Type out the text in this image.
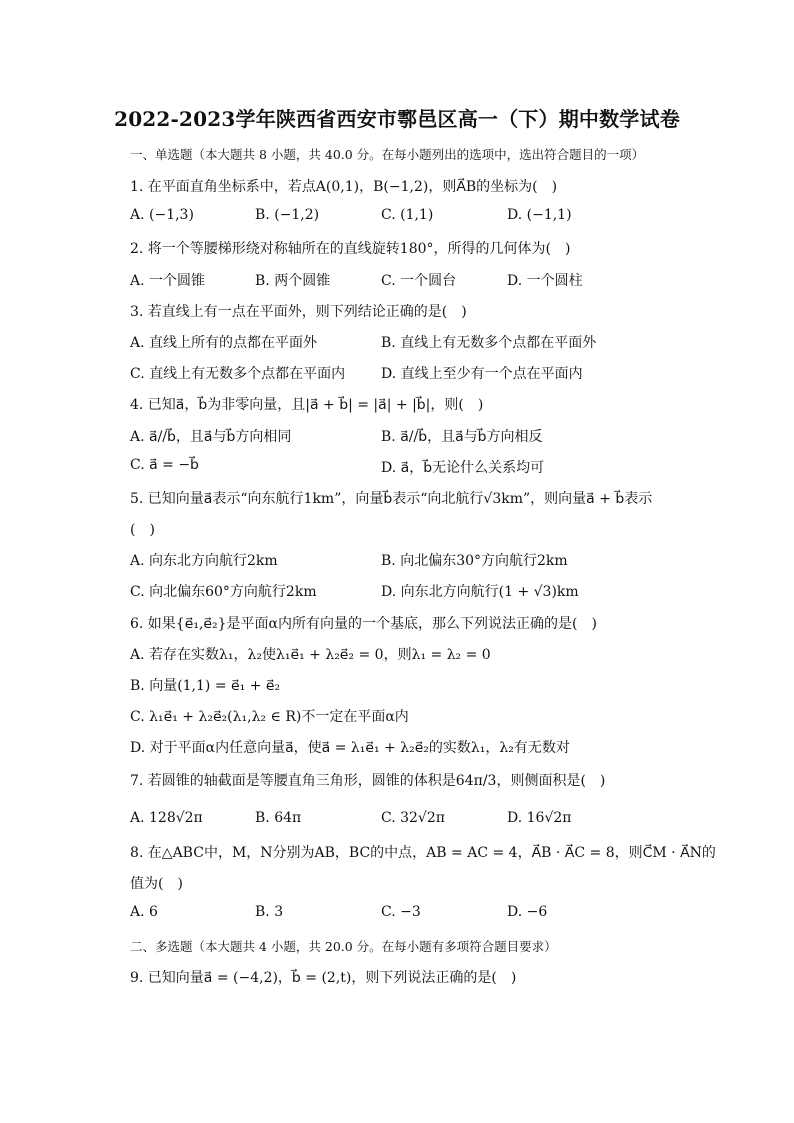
2022-2023学年陕西省西安市鄠邑区高一（下）期中数学试卷
一、单选题（本大题共 8 小题，共 40.0 分。在每小题列出的选项中，选出符合题目的一项）
1. 在平面直角坐标系中，若点A(0,1)，B(−1,2)，则A⃗B的坐标为(　)
A. (−1,3)	B. (−1,2)	C. (1,1)	D. (−1,1)
2. 将一个等腰梯形绕对称轴所在的直线旋转180°，所得的几何体为(　)
A. 一个圆锥	B. 两个圆锥	C. 一个圆台	D. 一个圆柱
3. 若直线上有一点在平面外，则下列结论正确的是(　)
A. 直线上所有的点都在平面外	B. 直线上有无数多个点都在平面外
C. 直线上有无数多个点都在平面内	D. 直线上至少有一个点在平面内
4. 已知a⃗，b⃗为非零向量，且|a⃗ + b⃗| = |a⃗| + |b⃗|，则(　)
A. a⃗//b⃗，且a⃗与b⃗方向相同	B. a⃗//b⃗，且a⃗与b⃗方向相反
C. a⃗ = −b⃗	D. a⃗，b⃗无论什么关系均可
5. 已知向量a⃗表示“向东航行1km”，向量b⃗表示“向北航行√3km”，则向量a⃗ + b⃗表示
(　)
A. 向东北方向航行2km	B. 向北偏东30°方向航行2km
C. 向北偏东60°方向航行2km	D. 向东北方向航行(1 + √3)km
6. 如果{e⃗₁,e⃗₂}是平面α内所有向量的一个基底，那么下列说法正确的是(　)
A. 若存在实数λ₁，λ₂使λ₁e⃗₁ + λ₂e⃗₂ = 0，则λ₁ = λ₂ = 0
B. 向量(1,1) = e⃗₁ + e⃗₂
C. λ₁e⃗₁ + λ₂e⃗₂(λ₁,λ₂ ∈ R)不一定在平面α内
D. 对于平面α内任意向量a⃗，使a⃗ = λ₁e⃗₁ + λ₂e⃗₂的实数λ₁，λ₂有无数对
7. 若圆锥的轴截面是等腰直角三角形，圆锥的体积是64π/3，则侧面积是(　)
A. 128√2π	B. 64π	C. 32√2π	D. 16√2π
8. 在△ABC中，M，N分别为AB，BC的中点，AB = AC = 4，A⃗B · A⃗C = 8，则C⃗M · A⃗N的
值为(　)
A. 6	B. 3	C. −3	D. −6
二、多选题（本大题共 4 小题，共 20.0 分。在每小题有多项符合题目要求）
9. 已知向量a⃗ = (−4,2)，b⃗ = (2,t)，则下列说法正确的是(　)
